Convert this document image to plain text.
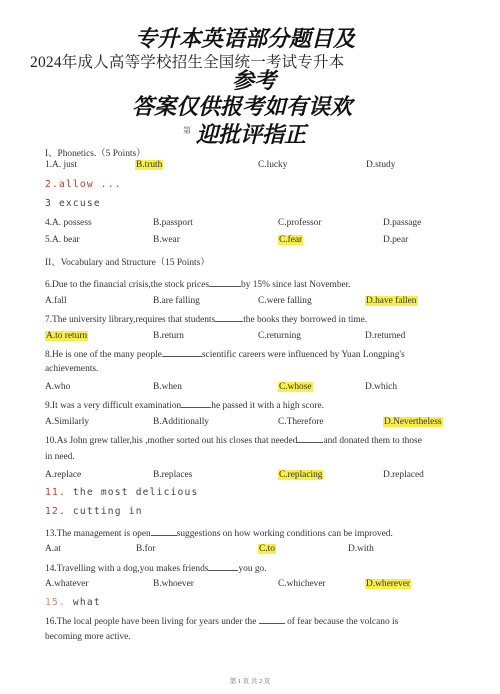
2024年成人高等学校招生全国统一考试专升本
专升本英语部分题目及
参考
答案仅供报考如有误欢
第 迎批评指正
I、Phonetics.（5 Points）
1.A. just	B.truth	C.lucky	D.study
2.allow ...
3 excuse
4.A. possess	B.passport	C.professor	D.passage
5.A. bear	B.wear	C.fear	D.pear
II、Vocabulary and Structure（15 Points）
6.Due to the financial crisis,the stock prices	by 15% since last November.
A.fall	B.are falling	C.were falling	D.have fallen
7.The university library,requires that students	the books they borrowed in time.
A.to return	B.return	C.returning	D.returned
8.He is one of the many people	scientific careers were influenced by Yuan Longping's
achievements.
A.who	B.when	C.whose	D.which
9.It was a very difficult examination	he passed it with a high score.
A.Similarly	B.Additionally	C.Therefore	D.Nevertheless
10.As John grew taller,his ,mother sorted out his closes that needed	and donated them to those
in need.
A.replace	B.replaces	C.replacing	D.replaced
11. the most delicious
12. cutting in
13.The management is open	suggestions on how working conditions can be improved.
A.at	B.for	C.to	D.with
14.Travelling with a dog,you makes friends	you go.
A.whatever	B.whoever	C.whichever	D.wherever
15. what
16.The local people have been living for years under the	of fear because the volcano is
becoming more active.
第 1 页 共 2 页
